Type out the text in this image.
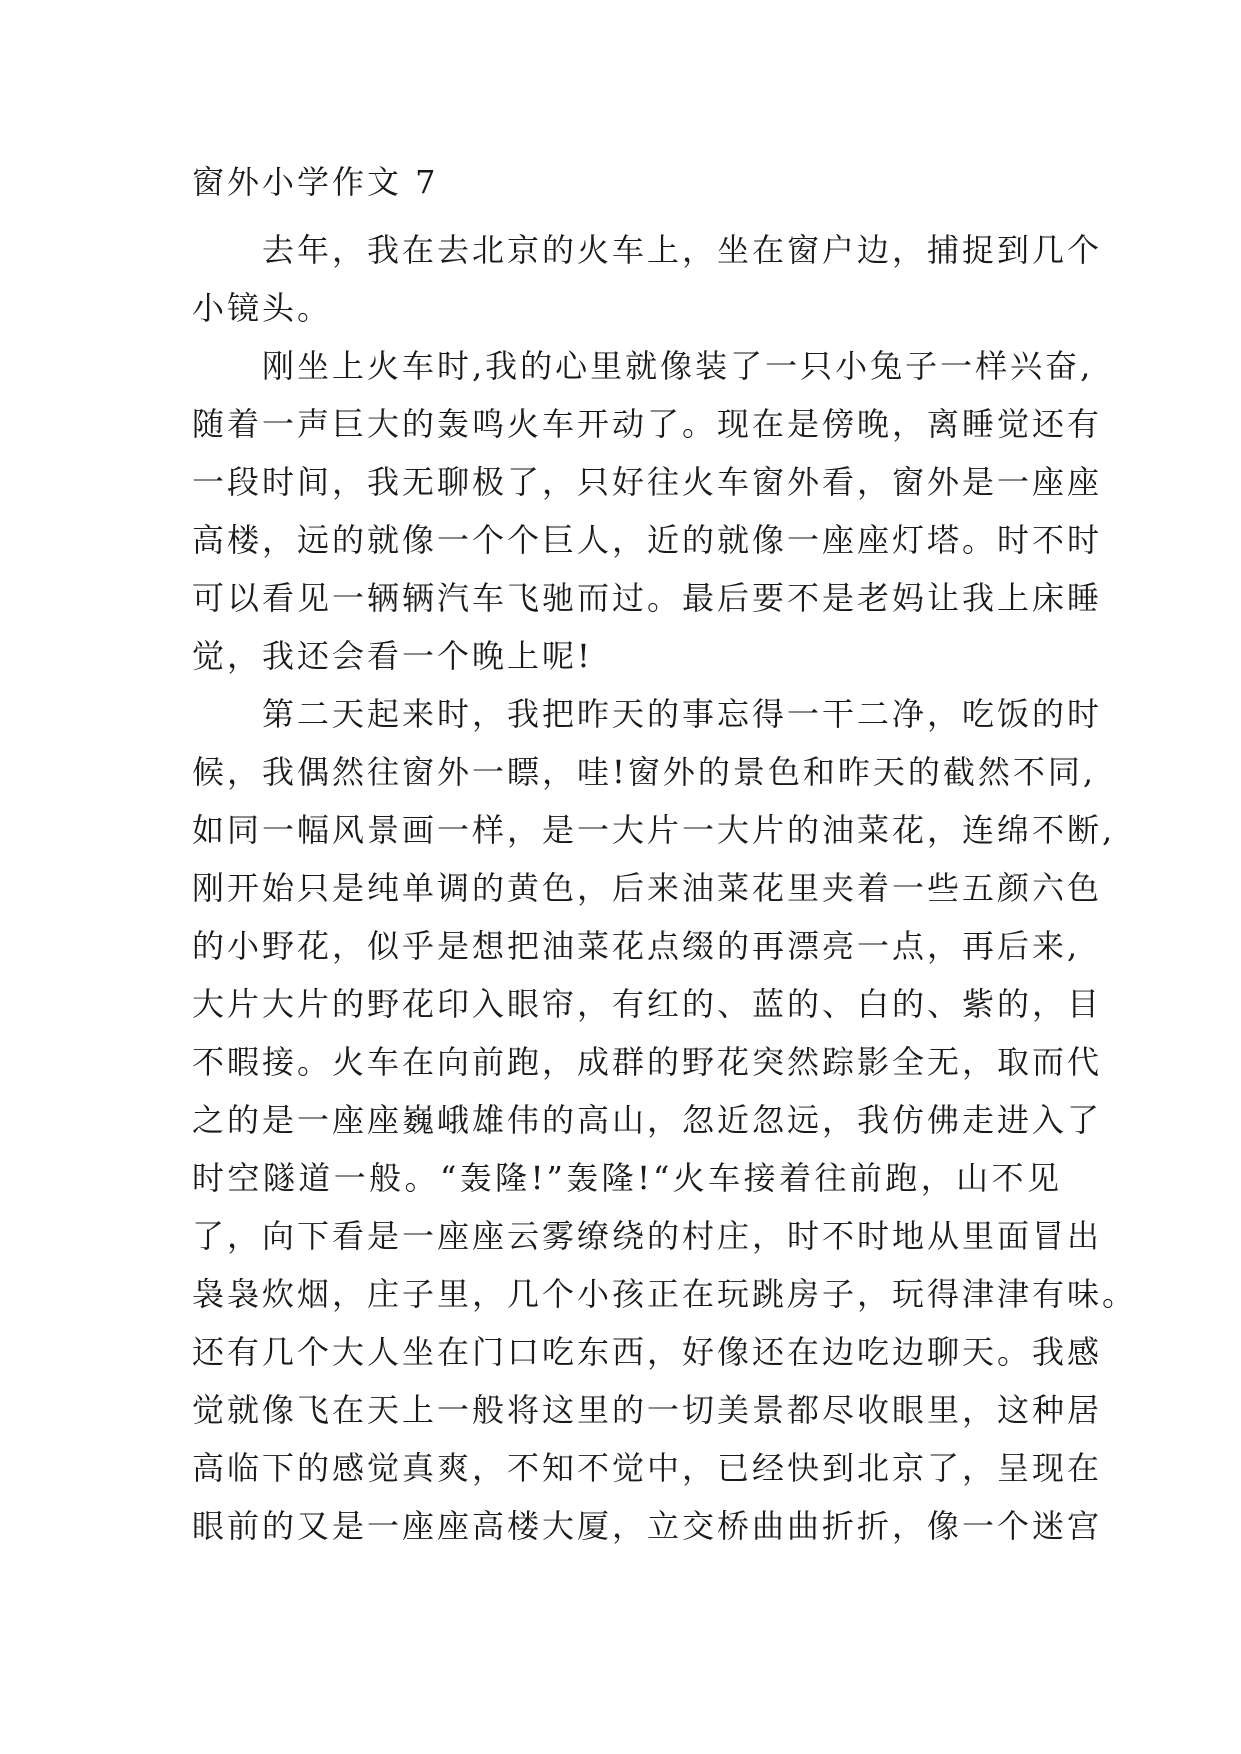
窗外小学作文 7
去年，我在去北京的火车上，坐在窗户边，捕捉到几个
小镜头。
刚坐上火车时,我的心里就像装了一只小兔子一样兴奋,
随着一声巨大的轰鸣火车开动了。现在是傍晚，离睡觉还有
一段时间，我无聊极了，只好往火车窗外看，窗外是一座座
高楼，远的就像一个个巨人，近的就像一座座灯塔。时不时
可以看见一辆辆汽车飞驰而过。最后要不是老妈让我上床睡
觉，我还会看一个晚上呢!
第二天起来时，我把昨天的事忘得一干二净，吃饭的时
候，我偶然往窗外一瞟，哇!窗外的景色和昨天的截然不同,
如同一幅风景画一样，是一大片一大片的油菜花，连绵不断,
刚开始只是纯单调的黄色，后来油菜花里夹着一些五颜六色
的小野花，似乎是想把油菜花点缀的再漂亮一点，再后来,
大片大片的野花印入眼帘，有红的、蓝的、白的、紫的，目
不暇接。火车在向前跑，成群的野花突然踪影全无，取而代
之的是一座座巍峨雄伟的高山，忽近忽远，我仿佛走进入了
时空隧道一般。“轰隆!”轰隆!“火车接着往前跑，山不见
了，向下看是一座座云雾缭绕的村庄，时不时地从里面冒出
袅袅炊烟，庄子里，几个小孩正在玩跳房子，玩得津津有味。
还有几个大人坐在门口吃东西，好像还在边吃边聊天。我感
觉就像飞在天上一般将这里的一切美景都尽收眼里，这种居
高临下的感觉真爽，不知不觉中，已经快到北京了，呈现在
眼前的又是一座座高楼大厦，立交桥曲曲折折，像一个迷宫
